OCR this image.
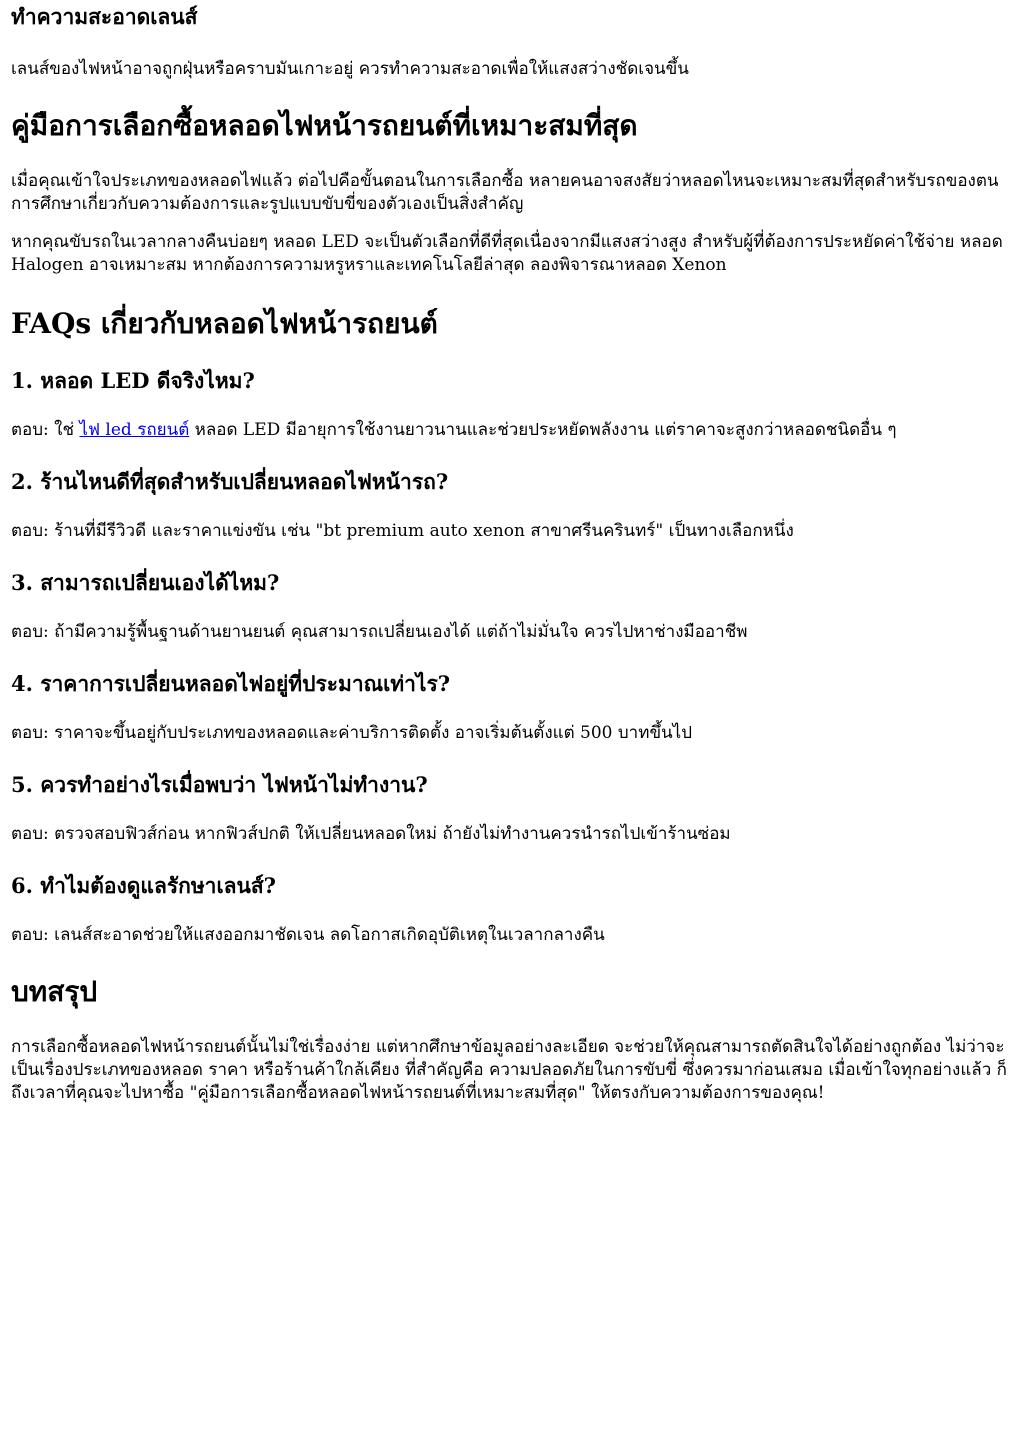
ทำความสะอาดเลนส์

เลนส์ของไฟหน้าอาจถูกฝุ่นหรือคราบมันเกาะอยู่ ควรทำความสะอาดเพื่อให้แสงสว่างชัดเจนขึ้น

คู่มือการเลือกซื้อหลอดไฟหน้ารถยนต์ที่เหมาะสมที่สุด

เมื่อคุณเข้าใจประเภทของหลอดไฟแล้ว ต่อไปคือขั้นตอนในการเลือกซื้อ หลายคนอาจสงสัยว่าหลอดไหนจะเหมาะสมที่สุดสำหรับรถของตน การศึกษาเกี่ยวกับความต้องการและรูปแบบขับขี่ของตัวเองเป็นสิ่งสำคัญ

หากคุณขับรถในเวลากลางคืนบ่อยๆ หลอด LED จะเป็นตัวเลือกที่ดีที่สุดเนื่องจากมีแสงสว่างสูง สำหรับผู้ที่ต้องการประหยัดค่าใช้จ่าย หลอด Halogen อาจเหมาะสม หากต้องการความหรูหราและเทคโนโลยีล่าสุด ลองพิจารณาหลอด Xenon

FAQs เกี่ยวกับหลอดไฟหน้ารถยนต์
1. หลอด LED ดีจริงไหม?

ตอบ: ใช่ ไฟ led รถยนต์ หลอด LED มีอายุการใช้งานยาวนานและช่วยประหยัดพลังงาน แต่ราคาจะสูงกว่าหลอดชนิดอื่น ๆ

2. ร้านไหนดีที่สุดสำหรับเปลี่ยนหลอดไฟหน้ารถ?

ตอบ: ร้านที่มีรีวิวดี และราคาแข่งขัน เช่น "bt premium auto xenon สาขาศรีนครินทร์" เป็นทางเลือกหนึ่ง

3. สามารถเปลี่ยนเองได้ไหม?

ตอบ: ถ้ามีความรู้พื้นฐานด้านยานยนต์ คุณสามารถเปลี่ยนเองได้ แต่ถ้าไม่มั่นใจ ควรไปหาช่างมืออาชีพ

4. ราคาการเปลี่ยนหลอดไฟอยู่ที่ประมาณเท่าไร?

ตอบ: ราคาจะขึ้นอยู่กับประเภทของหลอดและค่าบริการติดตั้ง อาจเริ่มต้นตั้งแต่ 500 บาทขึ้นไป

5. ควรทำอย่างไรเมื่อพบว่า ไฟหน้าไม่ทำงาน?

ตอบ: ตรวจสอบฟิวส์ก่อน หากฟิวส์ปกติ ให้เปลี่ยนหลอดใหม่ ถ้ายังไม่ทำงานควรนำรถไปเข้าร้านซ่อม

6. ทำไมต้องดูแลรักษาเลนส์?

ตอบ: เลนส์สะอาดช่วยให้แสงออกมาชัดเจน ลดโอกาสเกิดอุบัติเหตุในเวลากลางคืน

บทสรุป

การเลือกซื้อหลอดไฟหน้ารถยนต์นั้นไม่ใช่เรื่องง่าย แต่หากศึกษาข้อมูลอย่างละเอียด จะช่วยให้คุณสามารถตัดสินใจได้อย่างถูกต้อง ไม่ว่าจะเป็นเรื่องประเภทของหลอด ราคา หรือร้านค้าใกล้เคียง ที่สำคัญคือ ความปลอดภัยในการขับขี่ ซึ่งควรมาก่อนเสมอ เมื่อเข้าใจทุกอย่างแล้ว ก็ถึงเวลาที่คุณจะไปหาซื้อ "คู่มือการเลือกซื้อหลอดไฟหน้ารถยนต์ที่เหมาะสมที่สุด" ให้ตรงกับความต้องการของคุณ!
